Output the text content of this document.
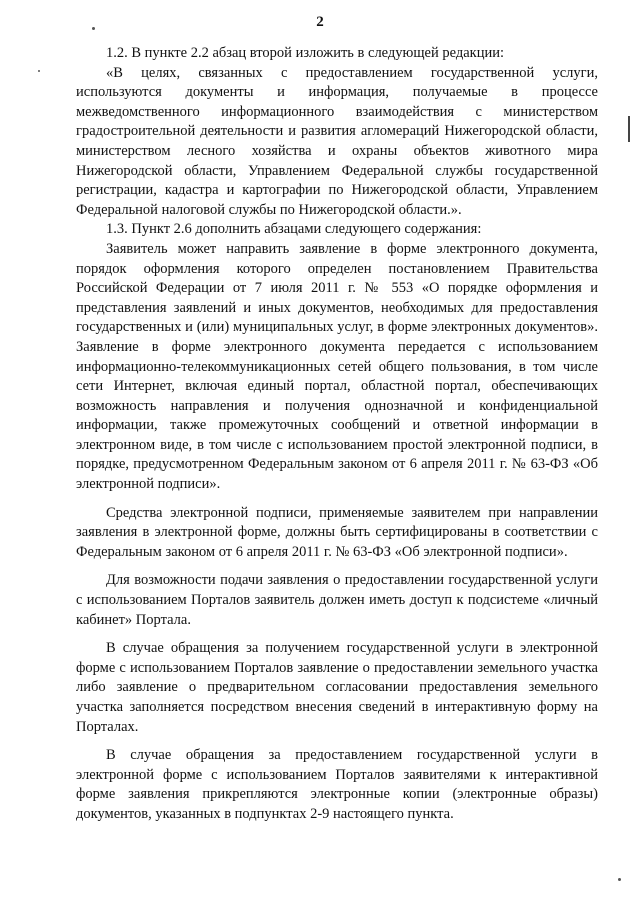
2

1.2. В пункте 2.2 абзац второй изложить в следующей редакции:

«В целях, связанных с предоставлением государственной услуги, используются документы и информация, получаемые в процессе межведомственного информационного взаимодействия с министерством градостроительной деятельности и развития агломераций Нижегородской области, министерством лесного хозяйства и охраны объектов животного мира Нижегородской области, Управлением Федеральной службы государственной регистрации, кадастра и картографии по Нижегородской области, Управлением Федеральной налоговой службы по Нижегородской области.».

1.3. Пункт 2.6 дополнить абзацами следующего содержания:

Заявитель может направить заявление в форме электронного документа, порядок оформления которого определен постановлением Правительства Российской Федерации от 7 июля 2011 г. № 553 «О порядке оформления и представления заявлений и иных документов, необходимых для предоставления государственных и (или) муниципальных услуг, в форме электронных документов». Заявление в форме электронного документа передается с использованием информационно-телекоммуникационных сетей общего пользования, в том числе сети Интернет, включая единый портал, областной портал, обеспечивающих возможность направления и получения однозначной и конфиденциальной информации, также промежуточных сообщений и ответной информации в электронном виде, в том числе с использованием простой электронной подписи, в порядке, предусмотренном Федеральным законом от 6 апреля 2011 г. № 63-ФЗ «Об электронной подписи».

Средства электронной подписи, применяемые заявителем при направлении заявления в электронной форме, должны быть сертифицированы в соответствии с Федеральным законом от 6 апреля 2011 г. № 63-ФЗ «Об электронной подписи».

Для возможности подачи заявления о предоставлении государственной услуги с использованием Порталов заявитель должен иметь доступ к подсистеме «личный кабинет» Портала.

В случае обращения за получением государственной услуги в электронной форме с использованием Порталов заявление о предоставлении земельного участка либо заявление о предварительном согласовании предоставления земельного участка заполняется посредством внесения сведений в интерактивную форму на Порталах.

В случае обращения за предоставлением государственной услуги в электронной форме с использованием Порталов заявителями к интерактивной форме заявления прикрепляются электронные копии (электронные образы) документов, указанных в подпунктах 2-9 настоящего пункта.
